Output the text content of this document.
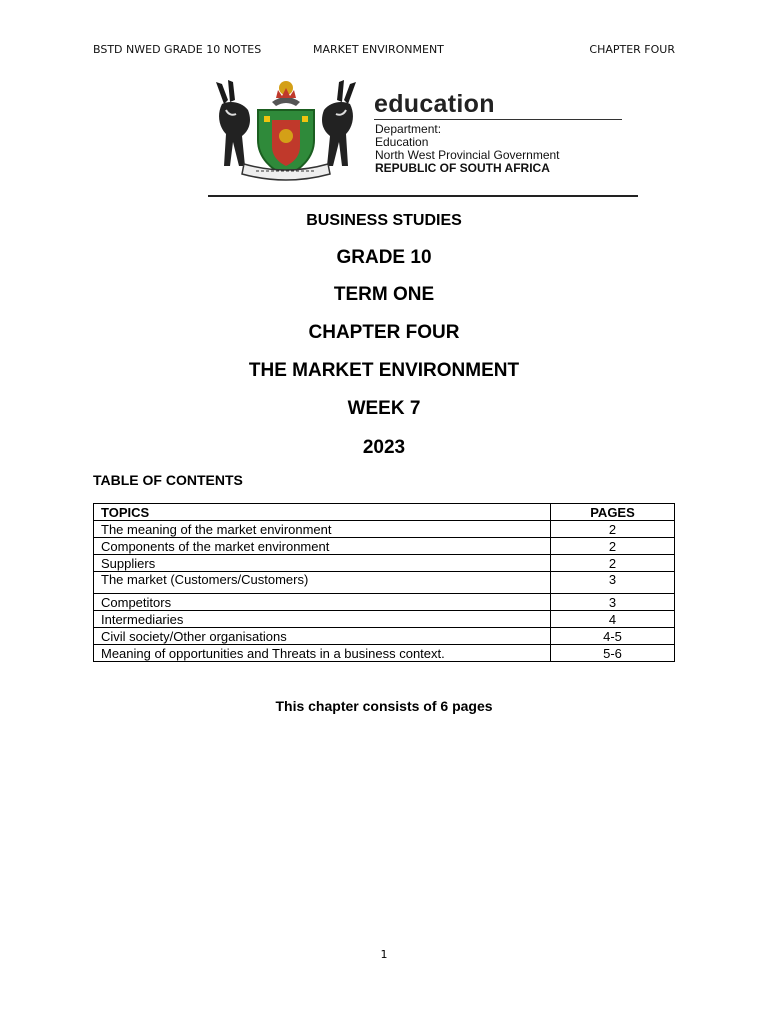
BSTD NWED GRADE 10 NOTES	MARKET ENVIRONMENT	CHAPTER FOUR
education
Department:
Education
North West Provincial Government
REPUBLIC OF SOUTH AFRICA
BUSINESS STUDIES
GRADE 10
TERM ONE
CHAPTER FOUR
THE MARKET ENVIRONMENT
WEEK 7
2023
TABLE OF CONTENTS
TOPICS	PAGES
The meaning of the market environment	2
Components of the market environment	2
Suppliers	2
The market (Customers/Customers)	3
Competitors	3
Intermediaries	4
Civil society/Other organisations	4-5
Meaning of opportunities and Threats in a business context.	5-6
This chapter consists of 6 pages
1
